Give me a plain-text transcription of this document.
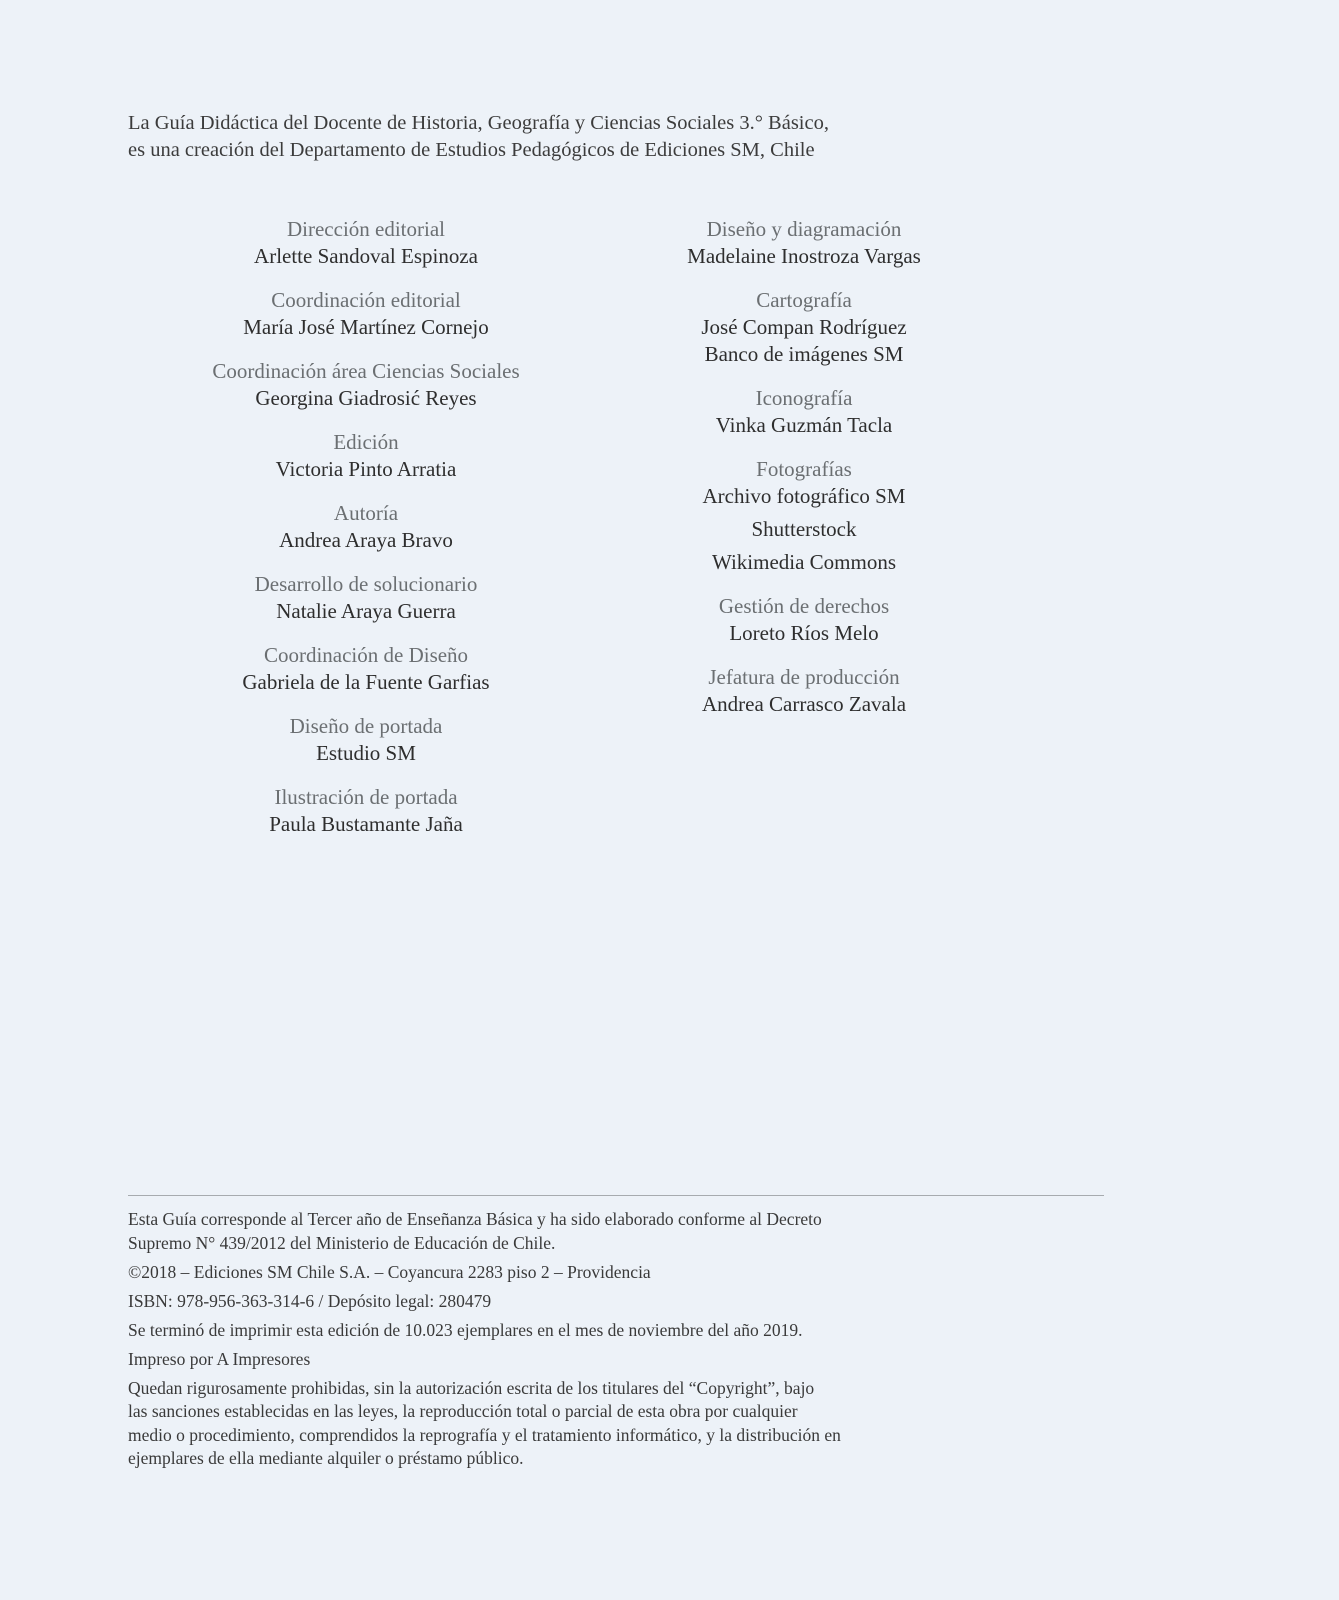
La Guía Didáctica del Docente de Historia, Geografía y Ciencias Sociales 3.° Básico,

es una creación del Departamento de Estudios Pedagógicos de Ediciones SM, Chile

Dirección editorial

Arlette Sandoval Espinoza

Coordinación editorial

María José Martínez Cornejo

Coordinación área Ciencias Sociales

Georgina Giadrosić Reyes

Edición

Victoria Pinto Arratia

Autoría

Andrea Araya Bravo

Desarrollo de solucionario

Natalie Araya Guerra

Coordinación de Diseño

Gabriela de la Fuente Garfias

Diseño de portada

Estudio SM

Ilustración de portada

Paula Bustamante Jaña

Diseño y diagramación

Madelaine Inostroza Vargas

Cartografía

José Compan Rodríguez

Banco de imágenes SM

Iconografía

Vinka Guzmán Tacla

Fotografías

Archivo fotográfico SM

Shutterstock

Wikimedia Commons

Gestión de derechos

Loreto Ríos Melo

Jefatura de producción

Andrea Carrasco Zavala

Esta Guía corresponde al Tercer año de Enseñanza Básica y ha sido elaborado conforme al Decreto
Supremo N° 439/2012 del Ministerio de Educación de Chile.

©2018 – Ediciones SM Chile S.A. – Coyancura 2283 piso 2 – Providencia

ISBN: 978-956-363-314-6 / Depósito legal: 280479

Se terminó de imprimir esta edición de 10.023 ejemplares en el mes de noviembre del año 2019.

Impreso por A Impresores

Quedan rigurosamente prohibidas, sin la autorización escrita de los titulares del “Copyright”, bajo
las sanciones establecidas en las leyes, la reproducción total o parcial de esta obra por cualquier
medio o procedimiento, comprendidos la reprografía y el tratamiento informático, y la distribución en
ejemplares de ella mediante alquiler o préstamo público.
